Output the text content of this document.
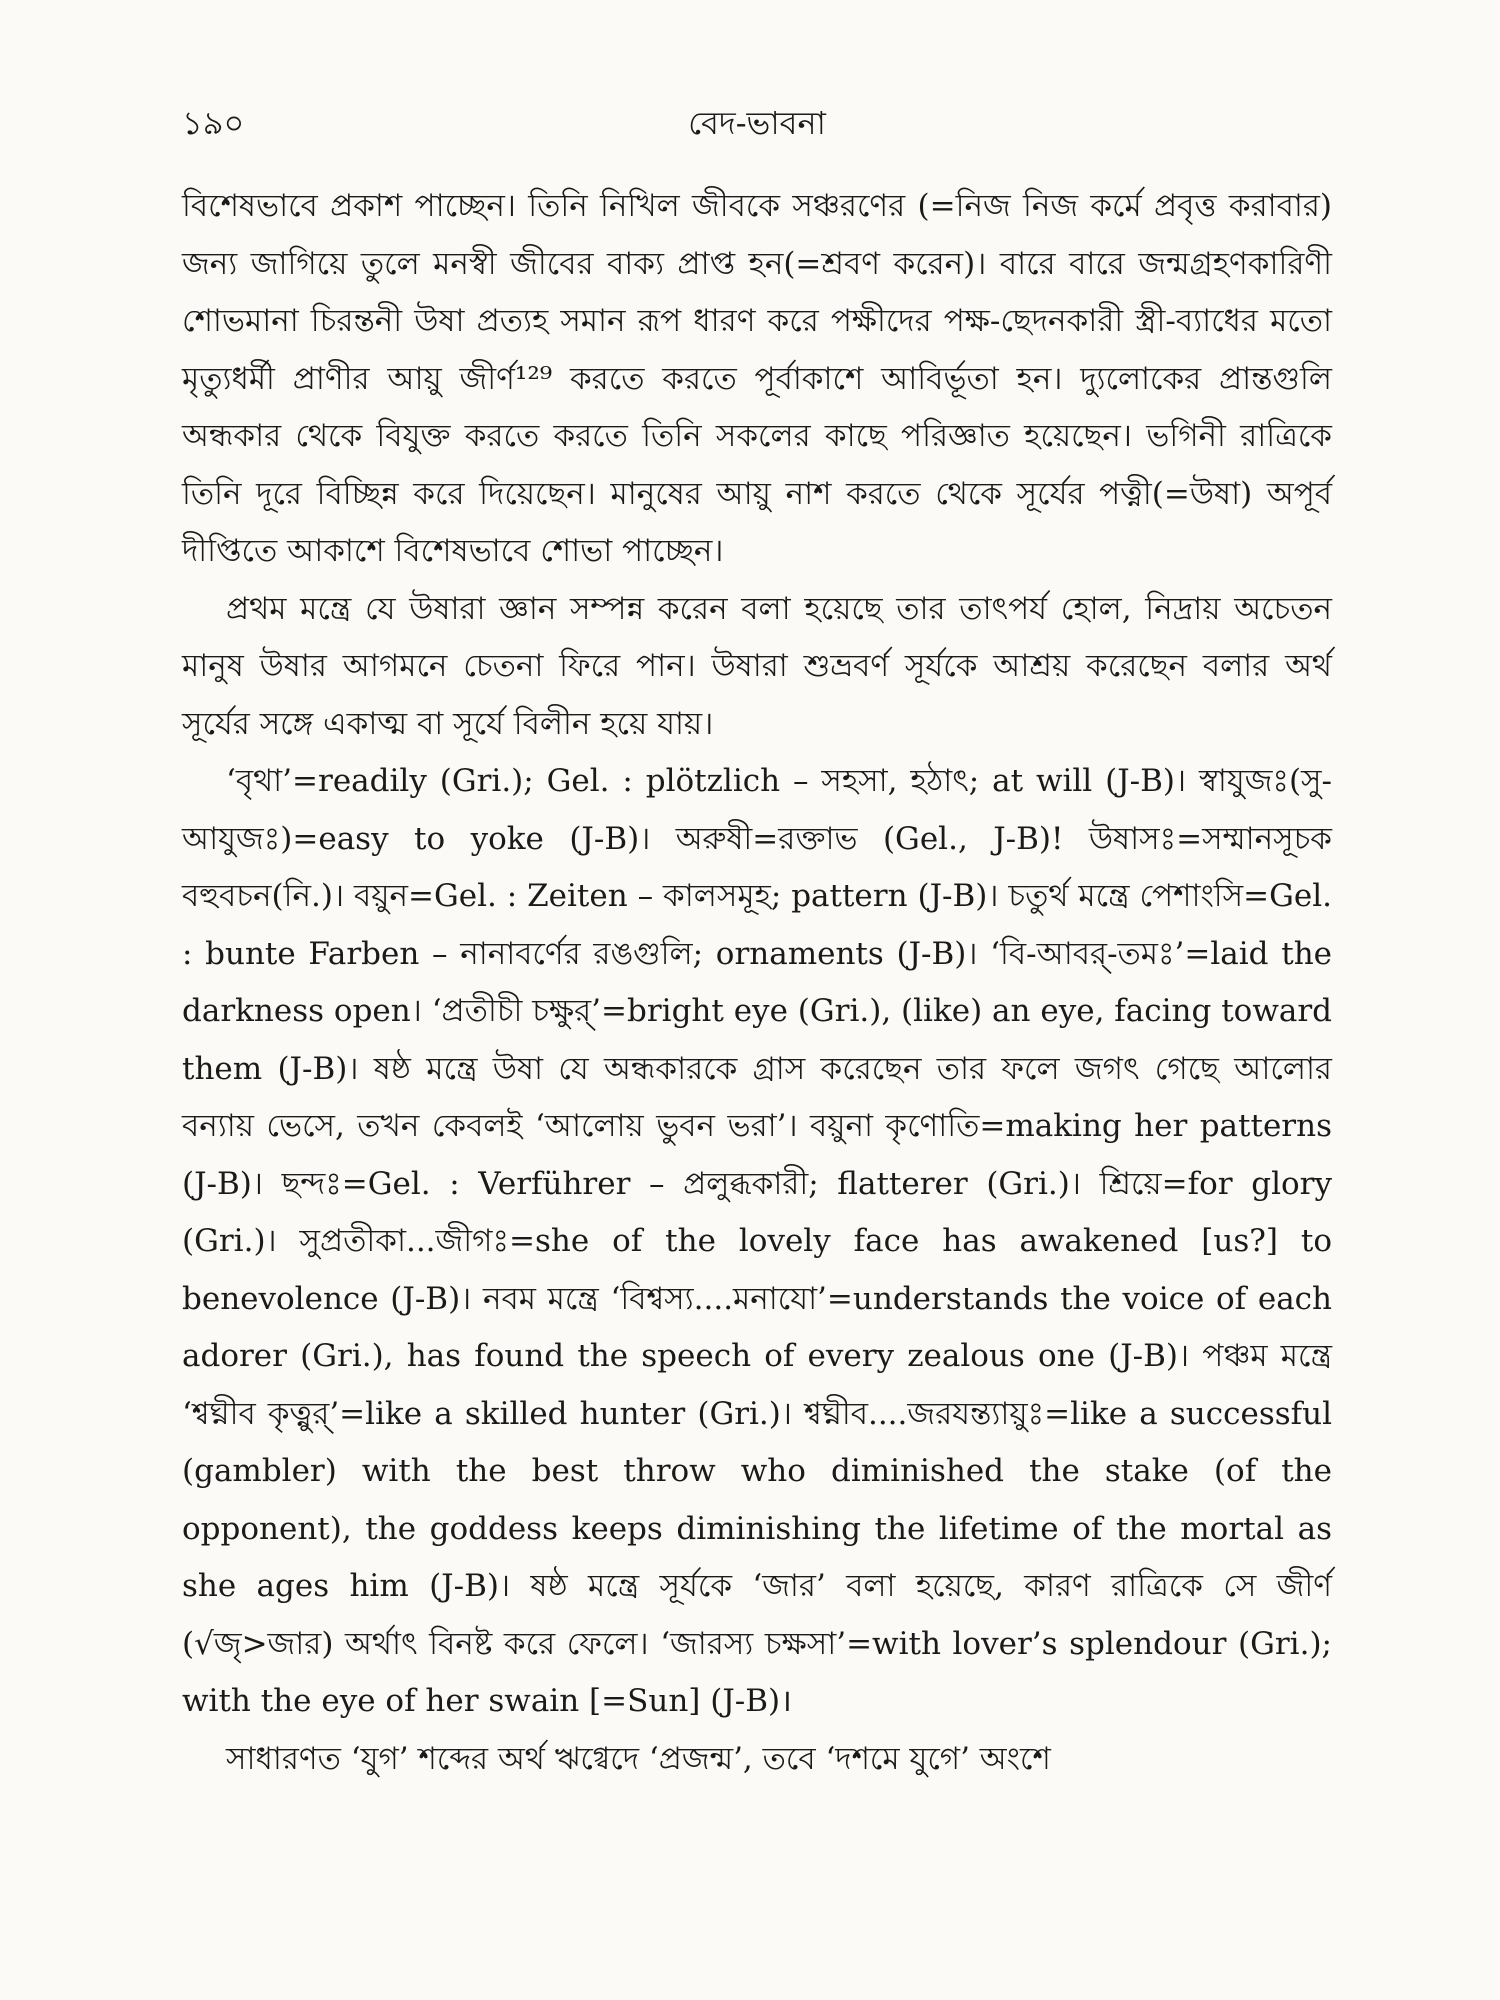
১৯০	বেদ-ভাবনা

বিশেষভাবে প্রকাশ পাচ্ছেন। তিনি নিখিল জীবকে সঞ্চরণের (=নিজ নিজ কর্মে প্রবৃত্ত করাবার) জন্য জাগিয়ে তুলে মনস্বী জীবের বাক্য প্রাপ্ত হন(=শ্রবণ করেন)। বারে বারে জন্মগ্রহণকারিণী শোভমানা চিরন্তনী উষা প্রত্যহ সমান রূপ ধারণ করে পক্ষীদের পক্ষ-ছেদনকারী স্ত্রী-ব্যাধের মতো মৃত্যুধর্মী প্রাণীর আয়ু জীর্ণ¹²⁹ করতে করতে পূর্বাকাশে আবির্ভূতা হন। দ্যুলোকের প্রান্তগুলি অন্ধকার থেকে বিযুক্ত করতে করতে তিনি সকলের কাছে পরিজ্ঞাত হয়েছেন। ভগিনী রাত্রিকে তিনি দূরে বিচ্ছিন্ন করে দিয়েছেন। মানুষের আয়ু নাশ করতে থেকে সূর্যের পত্নী(=উষা) অপূর্ব দীপ্তিতে আকাশে বিশেষভাবে শোভা পাচ্ছেন।

প্রথম মন্ত্রে যে উষারা জ্ঞান সম্পন্ন করেন বলা হয়েছে তার তাৎপর্য হোল, নিদ্রায় অচেতন মানুষ উষার আগমনে চেতনা ফিরে পান। উষারা শুভ্রবর্ণ সূর্যকে আশ্রয় করেছেন বলার অর্থ সূর্যের সঙ্গে একাত্ম বা সূর্যে বিলীন হয়ে যায়।

‘বৃথা’=readily (Gri.); Gel. : plötzlich – সহসা, হঠাৎ; at will (J-B)। স্বাযুজঃ(সু-আযুজঃ)=easy to yoke (J-B)। অরুষী=রক্তাভ (Gel., J-B)! উষাসঃ=সম্মানসূচক বহুবচন(নি.)। বয়ুন=Gel. : Zeiten – কালসমূহ; pattern (J-B)। চতুর্থ মন্ত্রে পেশাংসি=Gel. : bunte Farben – নানাবর্ণের রঙগুলি; ornaments (J-B)। ‘বি-আবর্-তমঃ’=laid the darkness open। ‘প্রতীচী চক্ষুর্’=bright eye (Gri.), (like) an eye, facing toward them (J-B)। ষষ্ঠ মন্ত্রে উষা যে অন্ধকারকে গ্রাস করেছেন তার ফলে জগৎ গেছে আলোর বন্যায় ভেসে, তখন কেবলই ‘আলোয় ভুবন ভরা’। বয়ুনা কৃণোতি=making her patterns (J-B)। ছন্দঃ=Gel. : Verführer – প্রলুব্ধকারী; flatterer (Gri.)। শ্রিয়ে=for glory (Gri.)। সুপ্রতীকা...জীগঃ=she of the lovely face has awakened [us?] to benevolence (J-B)। নবম মন্ত্রে ‘বিশ্বস্য....মনাযো’=understands the voice of each adorer (Gri.), has found the speech of every zealous one (J-B)। পঞ্চম মন্ত্রে ‘শ্বঘ্নীব কৃত্নুর্’=like a skilled hunter (Gri.)। শ্বঘ্নীব....জরযন্ত্যায়ুঃ=like a successful (gambler) with the best throw who diminished the stake (of the opponent), the goddess keeps diminishing the lifetime of the mortal as she ages him (J-B)। ষষ্ঠ মন্ত্রে সূর্যকে ‘জার’ বলা হয়েছে, কারণ রাত্রিকে সে জীর্ণ (√জৃ>জার) অর্থাৎ বিনষ্ট করে ফেলে। ‘জারস্য চক্ষসা’=with lover’s splendour (Gri.); with the eye of her swain [=Sun] (J-B)।

সাধারণত ‘যুগ’ শব্দের অর্থ ঋগ্বেদে ‘প্রজন্ম’, তবে ‘দশমে যুগে’ অংশে
